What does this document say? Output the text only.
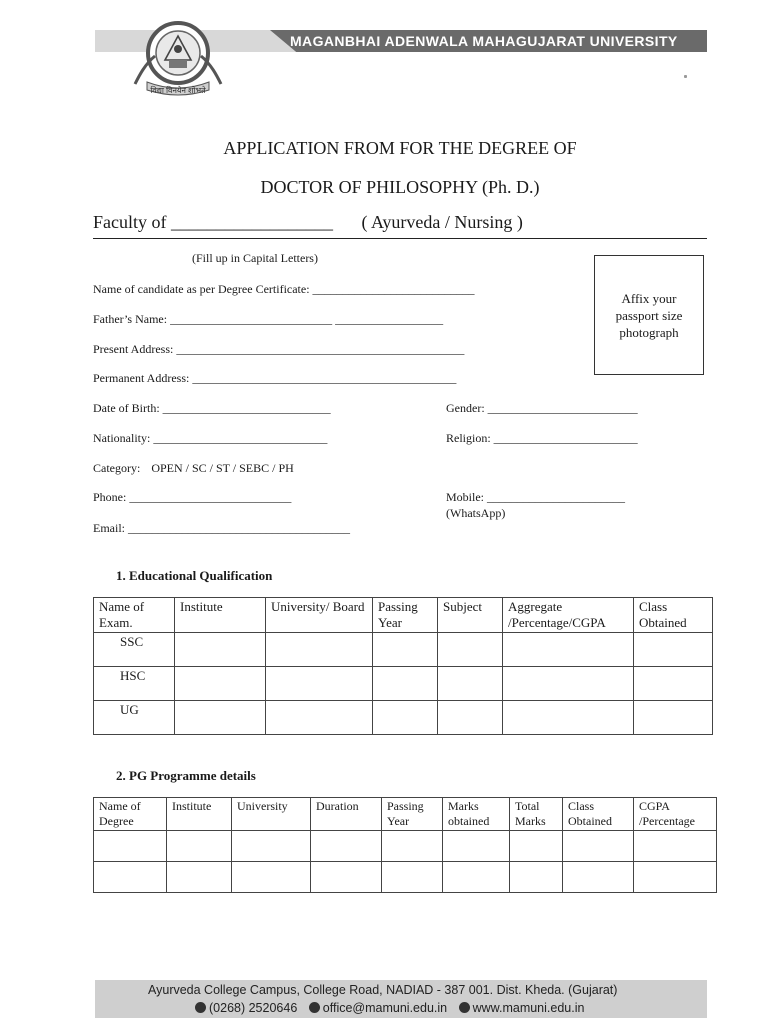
MAGANBHAI ADENWALA MAHAGUJARAT UNIVERSITY
विद्या विनयेन शोभते
APPLICATION FROM FOR THE DEGREE OF
DOCTOR OF PHILOSOPHY (Ph. D.)
Faculty of __________________ ( Ayurveda / Nursing )
(Fill up in Capital Letters)
Affix your passport size photograph
Name of candidate as per Degree Certificate: ___________________________
Father’s Name: ___________________________ __________________
Present Address: ________________________________________________
Permanent Address: ____________________________________________
Date of Birth: ____________________________	Gender: _________________________
Nationality: _____________________________	Religion: ________________________
Category: OPEN / SC / ST / SEBC / PH
Phone: ___________________________	Mobile: _______________________
(WhatsApp)
Email: _____________________________________
1. Educational Qualification
Name of Exam.	Institute	University/ Board	Passing Year	Subject	Aggregate /Percentage/CGPA	Class Obtained
SSC						
HSC						
UG						
2. PG Programme details
Name of Degree	Institute	University	Duration	Passing Year	Marks obtained	Total Marks	Class Obtained	CGPA /Percentage

Ayurveda College Campus, College Road, NADIAD - 387 001. Dist. Kheda. (Gujarat)
(0268) 2520646 office@mamuni.edu.in www.mamuni.edu.in
